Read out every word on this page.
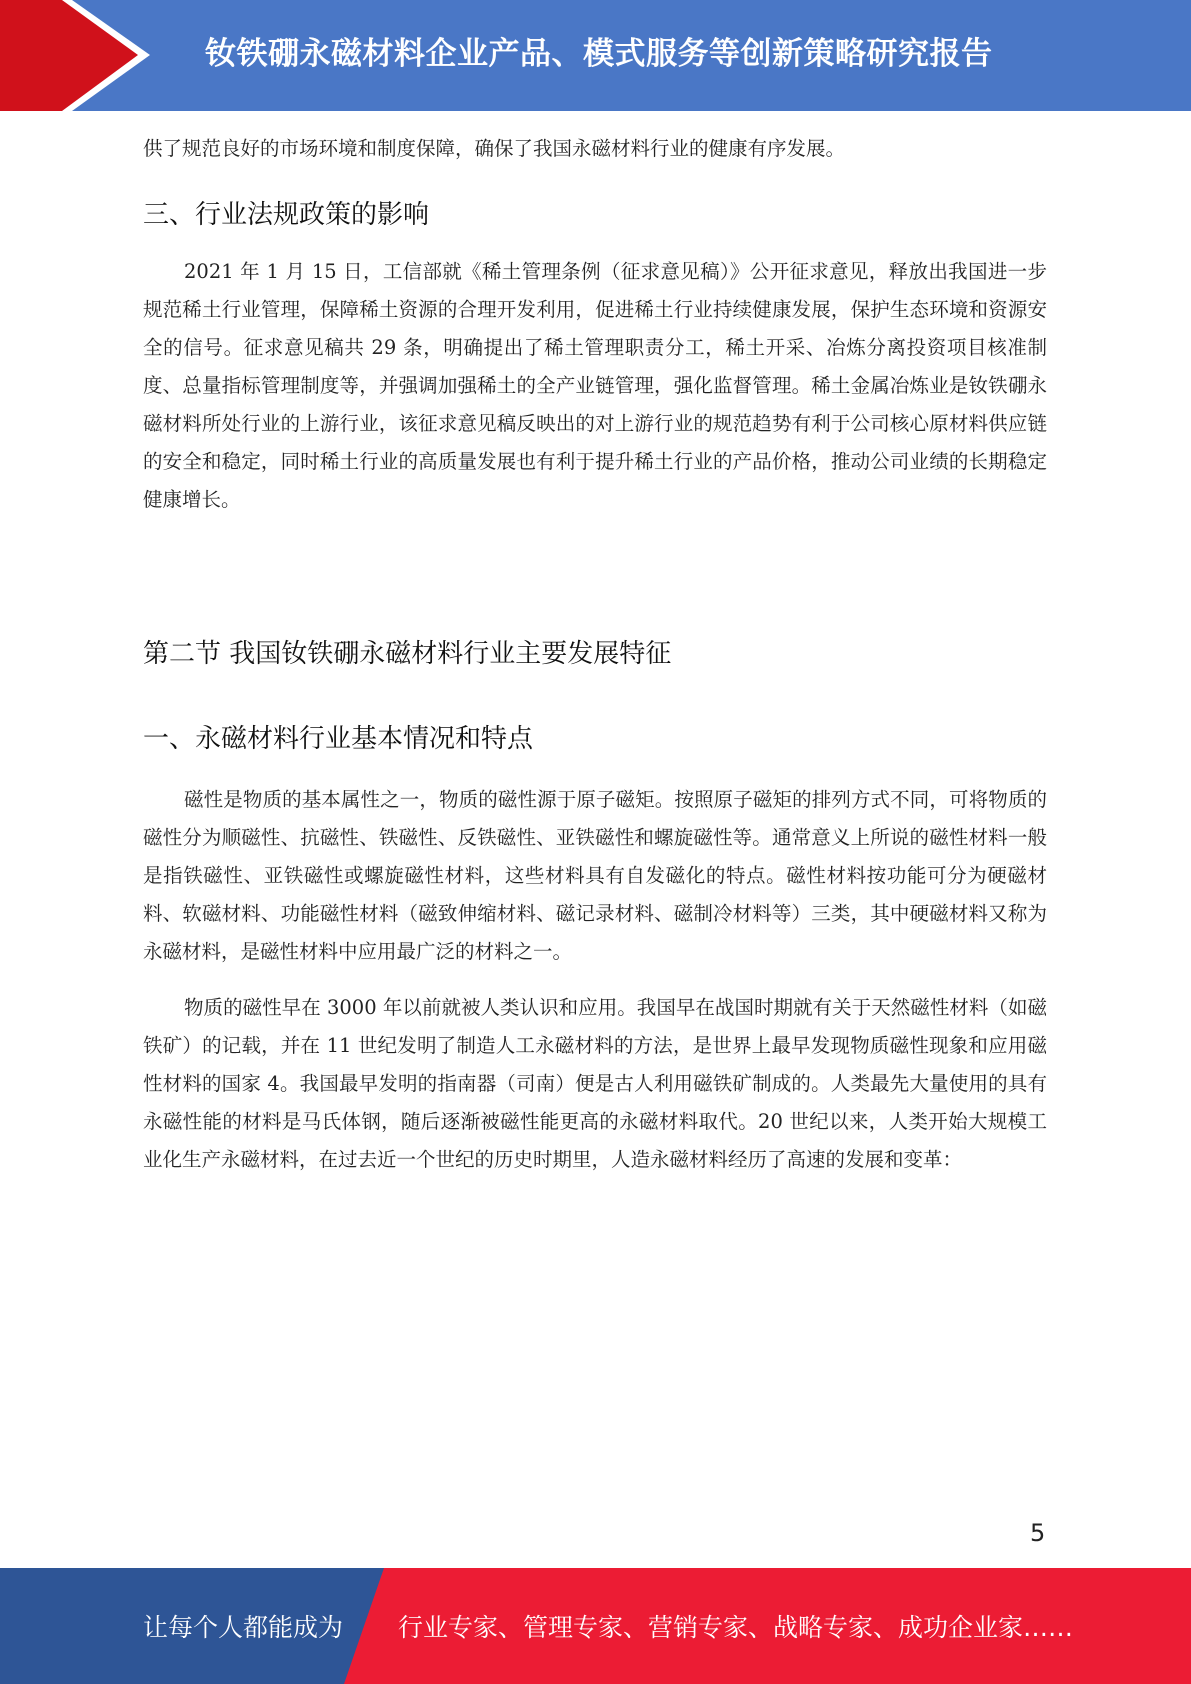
钕铁硼永磁材料企业产品、模式服务等创新策略研究报告

供了规范良好的市场环境和制度保障，确保了我国永磁材料行业的健康有序发展。

三、行业法规政策的影响

2021 年 1 月 15 日，工信部就《稀土管理条例（征求意见稿）》公开征求意见，释放出我国进一步规范稀土行业管理，保障稀土资源的合理开发利用，促进稀土行业持续健康发展，保护生态环境和资源安全的信号。征求意见稿共 29 条，明确提出了稀土管理职责分工，稀土开采、冶炼分离投资项目核准制度、总量指标管理制度等，并强调加强稀土的全产业链管理，强化监督管理。稀土金属冶炼业是钕铁硼永磁材料所处行业的上游行业，该征求意见稿反映出的对上游行业的规范趋势有利于公司核心原材料供应链的安全和稳定，同时稀土行业的高质量发展也有利于提升稀土行业的产品价格，推动公司业绩的长期稳定健康增长。

第二节 我国钕铁硼永磁材料行业主要发展特征
一、永磁材料行业基本情况和特点

磁性是物质的基本属性之一，物质的磁性源于原子磁矩。按照原子磁矩的排列方式不同，可将物质的磁性分为顺磁性、抗磁性、铁磁性、反铁磁性、亚铁磁性和螺旋磁性等。通常意义上所说的磁性材料一般是指铁磁性、亚铁磁性或螺旋磁性材料，这些材料具有自发磁化的特点。磁性材料按功能可分为硬磁材料、软磁材料、功能磁性材料（磁致伸缩材料、磁记录材料、磁制冷材料等）三类，其中硬磁材料又称为永磁材料，是磁性材料中应用最广泛的材料之一。

物质的磁性早在 3000 年以前就被人类认识和应用。我国早在战国时期就有关于天然磁性材料（如磁铁矿）的记载，并在 11 世纪发明了制造人工永磁材料的方法，是世界上最早发现物质磁性现象和应用磁性材料的国家 4。我国最早发明的指南器（司南）便是古人利用磁铁矿制成的。人类最先大量使用的具有永磁性能的材料是马氏体钢，随后逐渐被磁性能更高的永磁材料取代。20 世纪以来，人类开始大规模工业化生产永磁材料，在过去近一个世纪的历史时期里，人造永磁材料经历了高速的发展和变革：

5
让每个人都能成为 行业专家、管理专家、营销专家、战略专家、成功企业家……
